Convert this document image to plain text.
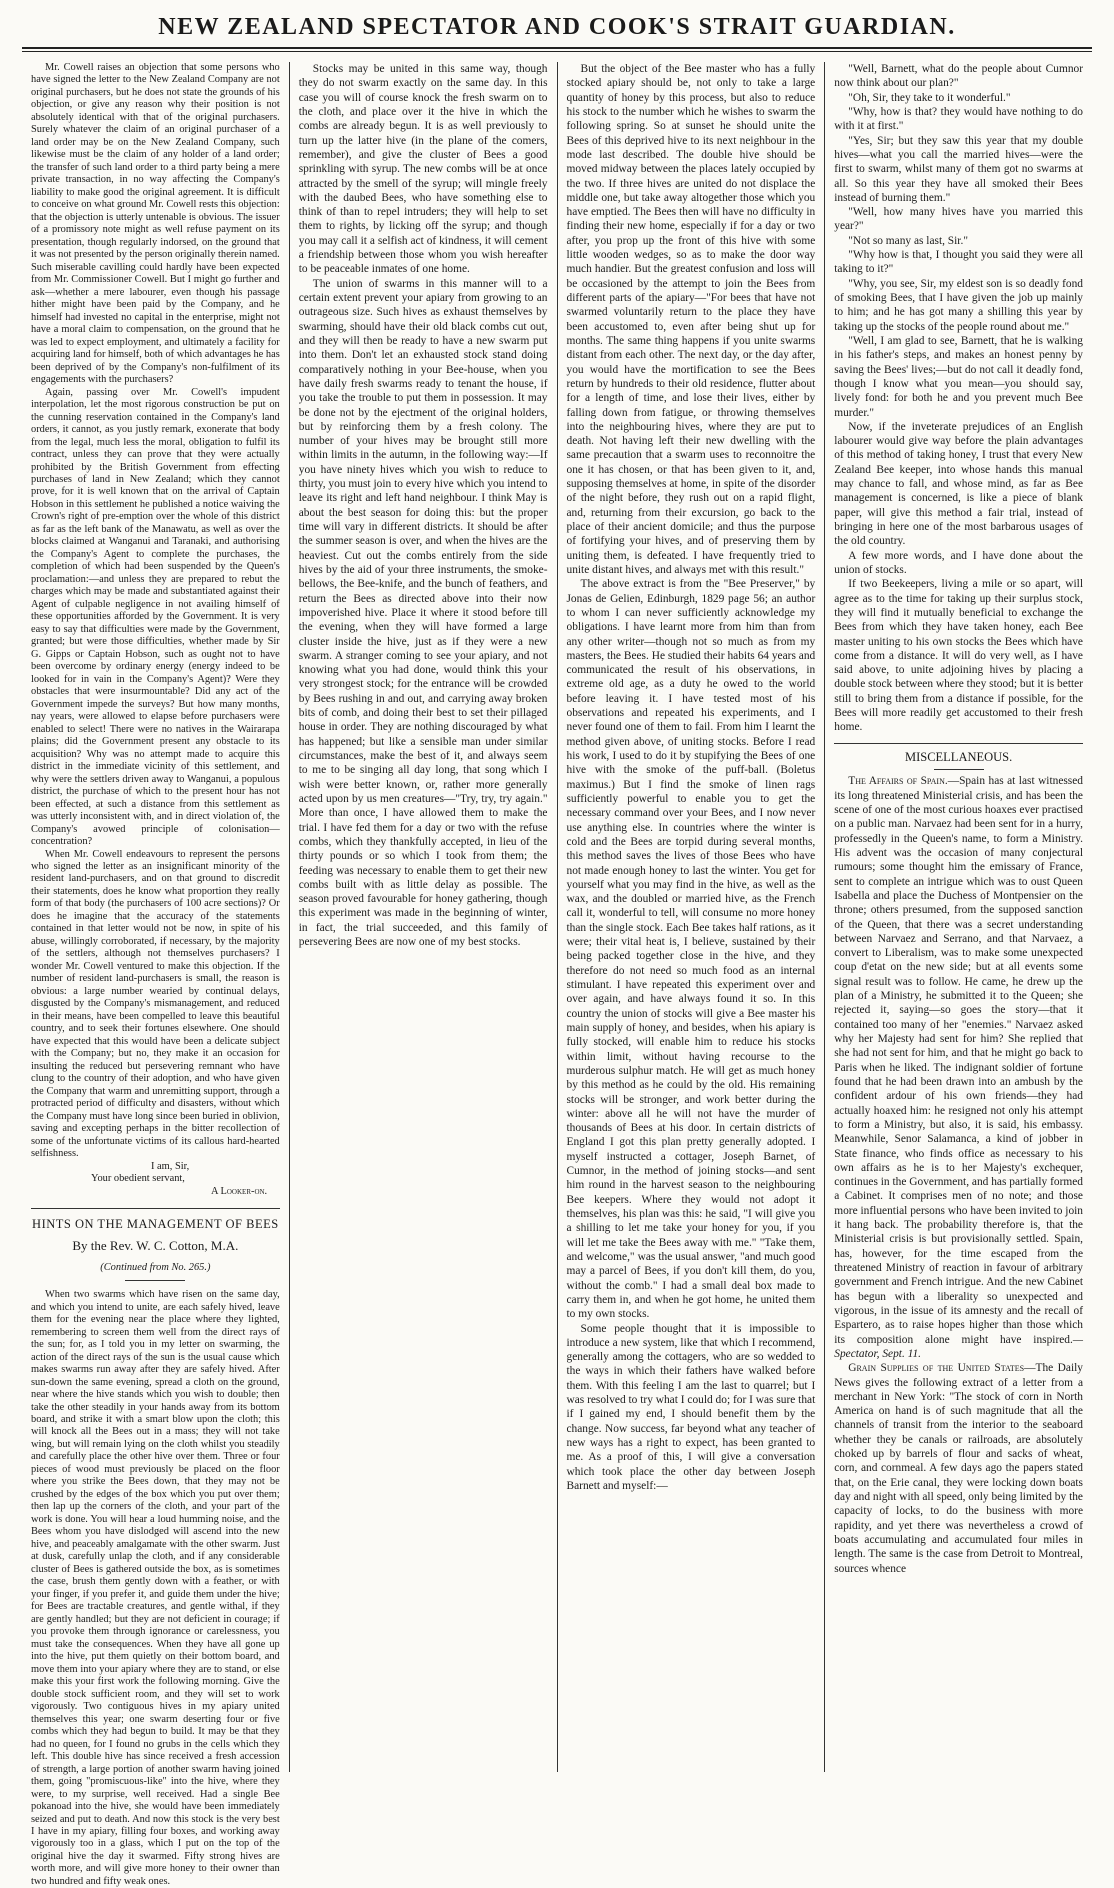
NEW ZEALAND SPECTATOR AND COOK'S STRAIT GUARDIAN.

Mr. Cowell raises an objection that some persons who have signed the letter to the New Zealand Company are not original purchasers, but he does not state the grounds of his objection, or give any reason why their position is not absolutely identical with that of the original purchasers. Surely whatever the claim of an original purchaser of a land order may be on the New Zealand Company, such likewise must be the claim of any holder of a land order; the transfer of such land order to a third party being a mere private transaction, in no way affecting the Company's liability to make good the original agreement. It is difficult to conceive on what ground Mr. Cowell rests this objection: that the objection is utterly untenable is obvious. The issuer of a promissory note might as well refuse payment on its presentation, though regularly indorsed, on the ground that it was not presented by the person originally therein named. Such miserable cavilling could hardly have been expected from Mr. Commissioner Cowell. But I might go further and ask—whether a mere labourer, even though his passage hither might have been paid by the Company, and he himself had invested no capital in the enterprise, might not have a moral claim to compensation, on the ground that he was led to expect employment, and ultimately a facility for acquiring land for himself, both of which advantages he has been deprived of by the Company's non-fulfilment of its engagements with the purchasers?

Again, passing over Mr. Cowell's impudent interpolation, let the most rigorous construction be put on the cunning reservation contained in the Company's land orders, it cannot, as you justly remark, exonerate that body from the legal, much less the moral, obligation to fulfil its contract, unless they can prove that they were actually prohibited by the British Government from effecting purchases of land in New Zealand; which they cannot prove, for it is well known that on the arrival of Captain Hobson in this settlement he published a notice waiving the Crown's right of pre-emption over the whole of this district as far as the left bank of the Manawatu, as well as over the blocks claimed at Wanganui and Taranaki, and authorising the Company's Agent to complete the purchases, the completion of which had been suspended by the Queen's proclamation:—and unless they are prepared to rebut the charges which may be made and substantiated against their Agent of culpable negligence in not availing himself of these opportunities afforded by the Government. It is very easy to say that difficulties were made by the Government, granted; but were those difficulties, whether made by Sir G. Gipps or Captain Hobson, such as ought not to have been overcome by ordinary energy (energy indeed to be looked for in vain in the Company's Agent)? Were they obstacles that were insurmountable? Did any act of the Government impede the surveys? But how many months, nay years, were allowed to elapse before purchasers were enabled to select! There were no natives in the Wairarapa plains; did the Government present any obstacle to its acquisition? Why was no attempt made to acquire this district in the immediate vicinity of this settlement, and why were the settlers driven away to Wanganui, a populous district, the purchase of which to the present hour has not been effected, at such a distance from this settlement as was utterly inconsistent with, and in direct violation of, the Company's avowed principle of colonisation—concentration?

When Mr. Cowell endeavours to represent the persons who signed the letter as an insignificant minority of the resident land-purchasers, and on that ground to discredit their statements, does he know what proportion they really form of that body (the purchasers of 100 acre sections)? Or does he imagine that the accuracy of the statements contained in that letter would not be now, in spite of his abuse, willingly corroborated, if necessary, by the majority of the settlers, although not themselves purchasers? I wonder Mr. Cowell ventured to make this objection. If the number of resident land-purchasers is small, the reason is obvious: a large number wearied by continual delays, disgusted by the Company's mismanagement, and reduced in their means, have been compelled to leave this beautiful country, and to seek their fortunes elsewhere. One should have expected that this would have been a delicate subject with the Company; but no, they make it an occasion for insulting the reduced but persevering remnant who have clung to the country of their adoption, and who have given the Company that warm and unremitting support, through a protracted period of difficulty and disasters, without which the Company must have long since been buried in oblivion, saving and excepting perhaps in the bitter recollection of some of the unfortunate victims of its callous hard-hearted selfishness.

I am, Sir,
Your obedient servant,
A Looker-on.
HINTS ON THE MANAGEMENT OF BEES
By the Rev. W. C. Cotton, M.A.
(Continued from No. 265.)

When two swarms which have risen on the same day, and which you intend to unite, are each safely hived, leave them for the evening near the place where they lighted, remembering to screen them well from the direct rays of the sun; for, as I told you in my letter on swarming, the action of the direct rays of the sun is the usual cause which makes swarms run away after they are safely hived. After sun-down the same evening, spread a cloth on the ground, near where the hive stands which you wish to double; then take the other steadily in your hands away from its bottom board, and strike it with a smart blow upon the cloth; this will knock all the Bees out in a mass; they will not take wing, but will remain lying on the cloth whilst you steadily and carefully place the other hive over them. Three or four pieces of wood must previously be placed on the floor where you strike the Bees down, that they may not be crushed by the edges of the box which you put over them; then lap up the corners of the cloth, and your part of the work is done. You will hear a loud humming noise, and the Bees whom you have dislodged will ascend into the new hive, and peaceably amalgamate with the other swarm. Just at dusk, carefully unlap the cloth, and if any considerable cluster of Bees is gathered outside the box, as is sometimes the case, brush them gently down with a feather, or with your finger, if you prefer it, and guide them under the hive; for Bees are tractable creatures, and gentle withal, if they are gently handled; but they are not deficient in courage; if you provoke them through ignorance or carelessness, you must take the consequences. When they have all gone up into the hive, put them quietly on their bottom board, and move them into your apiary where they are to stand, or else make this your first work the following morning. Give the double stock sufficient room, and they will set to work vigorously. Two contiguous hives in my apiary united themselves this year; one swarm deserting four or five combs which they had begun to build. It may be that they had no queen, for I found no grubs in the cells which they left. This double hive has since received a fresh accession of strength, a large portion of another swarm having joined them, going "promiscuous-like" into the hive, where they were, to my surprise, well received. Had a single Bee pokanoad into the hive, she would have been immediately seized and put to death. And now this stock is the very best I have in my apiary, filling four boxes, and working away vigorously too in a glass, which I put on the top of the original hive the day it swarmed. Fifty strong hives are worth more, and will give more honey to their owner than two hundred and fifty weak ones.

Stocks may be united in this same way, though they do not swarm exactly on the same day. In this case you will of course knock the fresh swarm on to the cloth, and place over it the hive in which the combs are already begun. It is as well previously to turn up the latter hive (in the plane of the comers, remember), and give the cluster of Bees a good sprinkling with syrup. The new combs will be at once attracted by the smell of the syrup; will mingle freely with the daubed Bees, who have something else to think of than to repel intruders; they will help to set them to rights, by licking off the syrup; and though you may call it a selfish act of kindness, it will cement a friendship between those whom you wish hereafter to be peaceable inmates of one home.

The union of swarms in this manner will to a certain extent prevent your apiary from growing to an outrageous size. Such hives as exhaust themselves by swarming, should have their old black combs cut out, and they will then be ready to have a new swarm put into them. Don't let an exhausted stock stand doing comparatively nothing in your Bee-house, when you have daily fresh swarms ready to tenant the house, if you take the trouble to put them in possession. It may be done not by the ejectment of the original holders, but by reinforcing them by a fresh colony. The number of your hives may be brought still more within limits in the autumn, in the following way:—If you have ninety hives which you wish to reduce to thirty, you must join to every hive which you intend to leave its right and left hand neighbour. I think May is about the best season for doing this: but the proper time will vary in different districts. It should be after the summer season is over, and when the hives are the heaviest. Cut out the combs entirely from the side hives by the aid of your three instruments, the smoke-bellows, the Bee-knife, and the bunch of feathers, and return the Bees as directed above into their now impoverished hive. Place it where it stood before till the evening, when they will have formed a large cluster inside the hive, just as if they were a new swarm. A stranger coming to see your apiary, and not knowing what you had done, would think this your very strongest stock; for the entrance will be crowded by Bees rushing in and out, and carrying away broken bits of comb, and doing their best to set their pillaged house in order. They are nothing discouraged by what has happened; but like a sensible man under similar circumstances, make the best of it, and always seem to me to be singing all day long, that song which I wish were better known, or, rather more generally acted upon by us men creatures—"Try, try, try again." More than once, I have allowed them to make the trial. I have fed them for a day or two with the refuse combs, which they thankfully accepted, in lieu of the thirty pounds or so which I took from them; the feeding was necessary to enable them to get their new combs built with as little delay as possible. The season proved favourable for honey gathering, though this experiment was made in the beginning of winter, in fact, the trial succeeded, and this family of persevering Bees are now one of my best stocks.

But the object of the Bee master who has a fully stocked apiary should be, not only to take a large quantity of honey by this process, but also to reduce his stock to the number which he wishes to swarm the following spring. So at sunset he should unite the Bees of this deprived hive to its next neighbour in the mode last described. The double hive should be moved midway between the places lately occupied by the two. If three hives are united do not displace the middle one, but take away altogether those which you have emptied. The Bees then will have no difficulty in finding their new home, especially if for a day or two after, you prop up the front of this hive with some little wooden wedges, so as to make the door way much handier. But the greatest confusion and loss will be occasioned by the attempt to join the Bees from different parts of the apiary—"For bees that have not swarmed voluntarily return to the place they have been accustomed to, even after being shut up for months. The same thing happens if you unite swarms distant from each other. The next day, or the day after, you would have the mortification to see the Bees return by hundreds to their old residence, flutter about for a length of time, and lose their lives, either by falling down from fatigue, or throwing themselves into the neighbouring hives, where they are put to death. Not having left their new dwelling with the same precaution that a swarm uses to reconnoitre the one it has chosen, or that has been given to it, and, supposing themselves at home, in spite of the disorder of the night before, they rush out on a rapid flight, and, returning from their excursion, go back to the place of their ancient domicile; and thus the purpose of fortifying your hives, and of preserving them by uniting them, is defeated. I have frequently tried to unite distant hives, and always met with this result."

The above extract is from the "Bee Preserver," by Jonas de Gelien, Edinburgh, 1829 page 56; an author to whom I can never sufficiently acknowledge my obligations. I have learnt more from him than from any other writer—though not so much as from my masters, the Bees. He studied their habits 64 years and communicated the result of his observations, in extreme old age, as a duty he owed to the world before leaving it. I have tested most of his observations and repeated his experiments, and I never found one of them to fail. From him I learnt the method given above, of uniting stocks. Before I read his work, I used to do it by stupifying the Bees of one hive with the smoke of the puff-ball. (Boletus maximus.) But I find the smoke of linen rags sufficiently powerful to enable you to get the necessary command over your Bees, and I now never use anything else. In countries where the winter is cold and the Bees are torpid during several months, this method saves the lives of those Bees who have not made enough honey to last the winter. You get for yourself what you may find in the hive, as well as the wax, and the doubled or married hive, as the French call it, wonderful to tell, will consume no more honey than the single stock. Each Bee takes half rations, as it were; their vital heat is, I believe, sustained by their being packed together close in the hive, and they therefore do not need so much food as an internal stimulant. I have repeated this experiment over and over again, and have always found it so. In this country the union of stocks will give a Bee master his main supply of honey, and besides, when his apiary is fully stocked, will enable him to reduce his stocks within limit, without having recourse to the murderous sulphur match. He will get as much honey by this method as he could by the old. His remaining stocks will be stronger, and work better during the winter: above all he will not have the murder of thousands of Bees at his door. In certain districts of England I got this plan pretty generally adopted. I myself instructed a cottager, Joseph Barnet, of Cumnor, in the method of joining stocks—and sent him round in the harvest season to the neighbouring Bee keepers. Where they would not adopt it themselves, his plan was this: he said, "I will give you a shilling to let me take your honey for you, if you will let me take the Bees away with me." "Take them, and welcome," was the usual answer, "and much good may a parcel of Bees, if you don't kill them, do you, without the comb." I had a small deal box made to carry them in, and when he got home, he united them to my own stocks.

Some people thought that it is impossible to introduce a new system, like that which I recommend, generally among the cottagers, who are so wedded to the ways in which their fathers have walked before them. With this feeling I am the last to quarrel; but I was resolved to try what I could do; for I was sure that if I gained my end, I should benefit them by the change. Now success, far beyond what any teacher of new ways has a right to expect, has been granted to me. As a proof of this, I will give a conversation which took place the other day between Joseph Barnett and myself:—

"Well, Barnett, what do the people about Cumnor now think about our plan?"

"Oh, Sir, they take to it wonderful."

"Why, how is that? they would have nothing to do with it at first."

"Yes, Sir; but they saw this year that my double hives—what you call the married hives—were the first to swarm, whilst many of them got no swarms at all. So this year they have all smoked their Bees instead of burning them."

"Well, how many hives have you married this year?"

"Not so many as last, Sir."

"Why how is that, I thought you said they were all taking to it?"

"Why, you see, Sir, my eldest son is so deadly fond of smoking Bees, that I have given the job up mainly to him; and he has got many a shilling this year by taking up the stocks of the people round about me."

"Well, I am glad to see, Barnett, that he is walking in his father's steps, and makes an honest penny by saving the Bees' lives;—but do not call it deadly fond, though I know what you mean—you should say, lively fond: for both he and you prevent much Bee murder."

Now, if the inveterate prejudices of an English labourer would give way before the plain advantages of this method of taking honey, I trust that every New Zealand Bee keeper, into whose hands this manual may chance to fall, and whose mind, as far as Bee management is concerned, is like a piece of blank paper, will give this method a fair trial, instead of bringing in here one of the most barbarous usages of the old country.

A few more words, and I have done about the union of stocks.

If two Beekeepers, living a mile or so apart, will agree as to the time for taking up their surplus stock, they will find it mutually beneficial to exchange the Bees from which they have taken honey, each Bee master uniting to his own stocks the Bees which have come from a distance. It will do very well, as I have said above, to unite adjoining hives by placing a double stock between where they stood; but it is better still to bring them from a distance if possible, for the Bees will more readily get accustomed to their fresh home.

MISCELLANEOUS.

The Affairs of Spain.—Spain has at last witnessed its long threatened Ministerial crisis, and has been the scene of one of the most curious hoaxes ever practised on a public man. Narvaez had been sent for in a hurry, professedly in the Queen's name, to form a Ministry. His advent was the occasion of many conjectural rumours; some thought him the emissary of France, sent to complete an intrigue which was to oust Queen Isabella and place the Duchess of Montpensier on the throne; others presumed, from the supposed sanction of the Queen, that there was a secret understanding between Narvaez and Serrano, and that Narvaez, a convert to Liberalism, was to make some unexpected coup d'etat on the new side; but at all events some signal result was to follow. He came, he drew up the plan of a Ministry, he submitted it to the Queen; she rejected it, saying—so goes the story—that it contained too many of her "enemies." Narvaez asked why her Majesty had sent for him? She replied that she had not sent for him, and that he might go back to Paris when he liked. The indignant soldier of fortune found that he had been drawn into an ambush by the confident ardour of his own friends—they had actually hoaxed him: he resigned not only his attempt to form a Ministry, but also, it is said, his embassy. Meanwhile, Senor Salamanca, a kind of jobber in State finance, who finds office as necessary to his own affairs as he is to her Majesty's exchequer, continues in the Government, and has partially formed a Cabinet. It comprises men of no note; and those more influential persons who have been invited to join it hang back. The probability therefore is, that the Ministerial crisis is but provisionally settled. Spain, has, however, for the time escaped from the threatened Ministry of reaction in favour of arbitrary government and French intrigue. And the new Cabinet has begun with a liberality so unexpected and vigorous, in the issue of its amnesty and the recall of Espartero, as to raise hopes higher than those which its composition alone might have inspired.—Spectator, Sept. 11.

Grain Supplies of the United States—The Daily News gives the following extract of a letter from a merchant in New York: "The stock of corn in North America on hand is of such magnitude that all the channels of transit from the interior to the seaboard whether they be canals or railroads, are absolutely choked up by barrels of flour and sacks of wheat, corn, and cornmeal. A few days ago the papers stated that, on the Erie canal, they were locking down boats day and night with all speed, only being limited by the capacity of locks, to do the business with more rapidity, and yet there was nevertheless a crowd of boats accumulating and accumulated four miles in length. The same is the case from Detroit to Montreal, sources whence
